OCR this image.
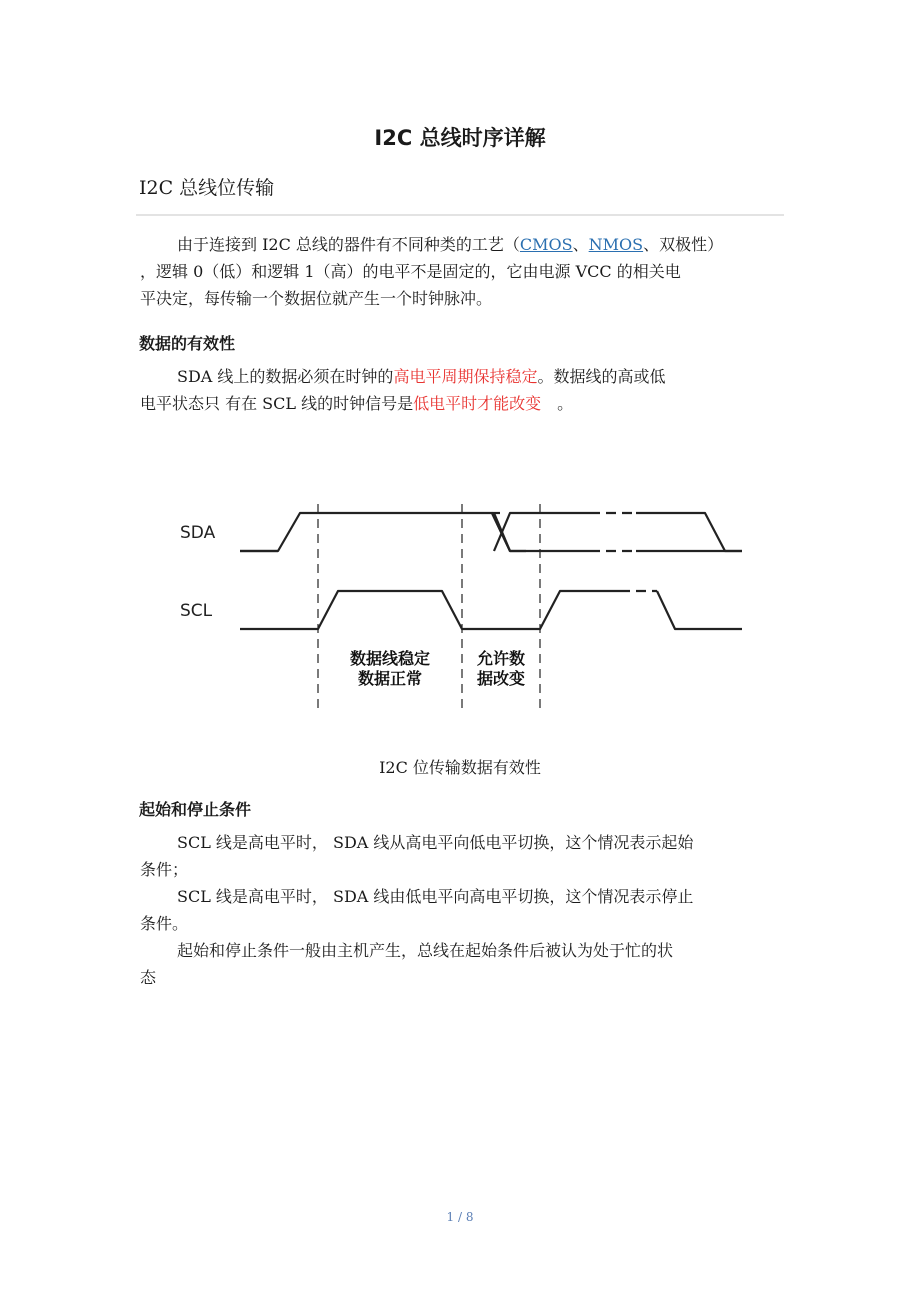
I2C 总线时序详解
I2C 总线位传输

由于连接到 I2C 总线的器件有不同种类的工艺（CMOS、NMOS、双极性）
，逻辑 0（低）和逻辑 1（高）的电平不是固定的，它由电源 VCC 的相关电
平决定，每传输一个数据位就产生一个时钟脉冲。

数据的有效性

SDA 线上的数据必须在时钟的高电平周期保持稳定。数据线的高或低
电平状态只 有在 SCL 线的时钟信号是低电平时才能改变 。

SDA
SCL
数据线稳定
数据正常
允许数
据改变
I2C 位传输数据有效性
起始和停止条件

SCL 线是高电平时， SDA 线从高电平向低电平切换，这个情况表示起始
条件；
SCL 线是高电平时， SDA 线由低电平向高电平切换，这个情况表示停止
条件。
起始和停止条件一般由主机产生，总线在起始条件后被认为处于忙的状
态

1 / 8
